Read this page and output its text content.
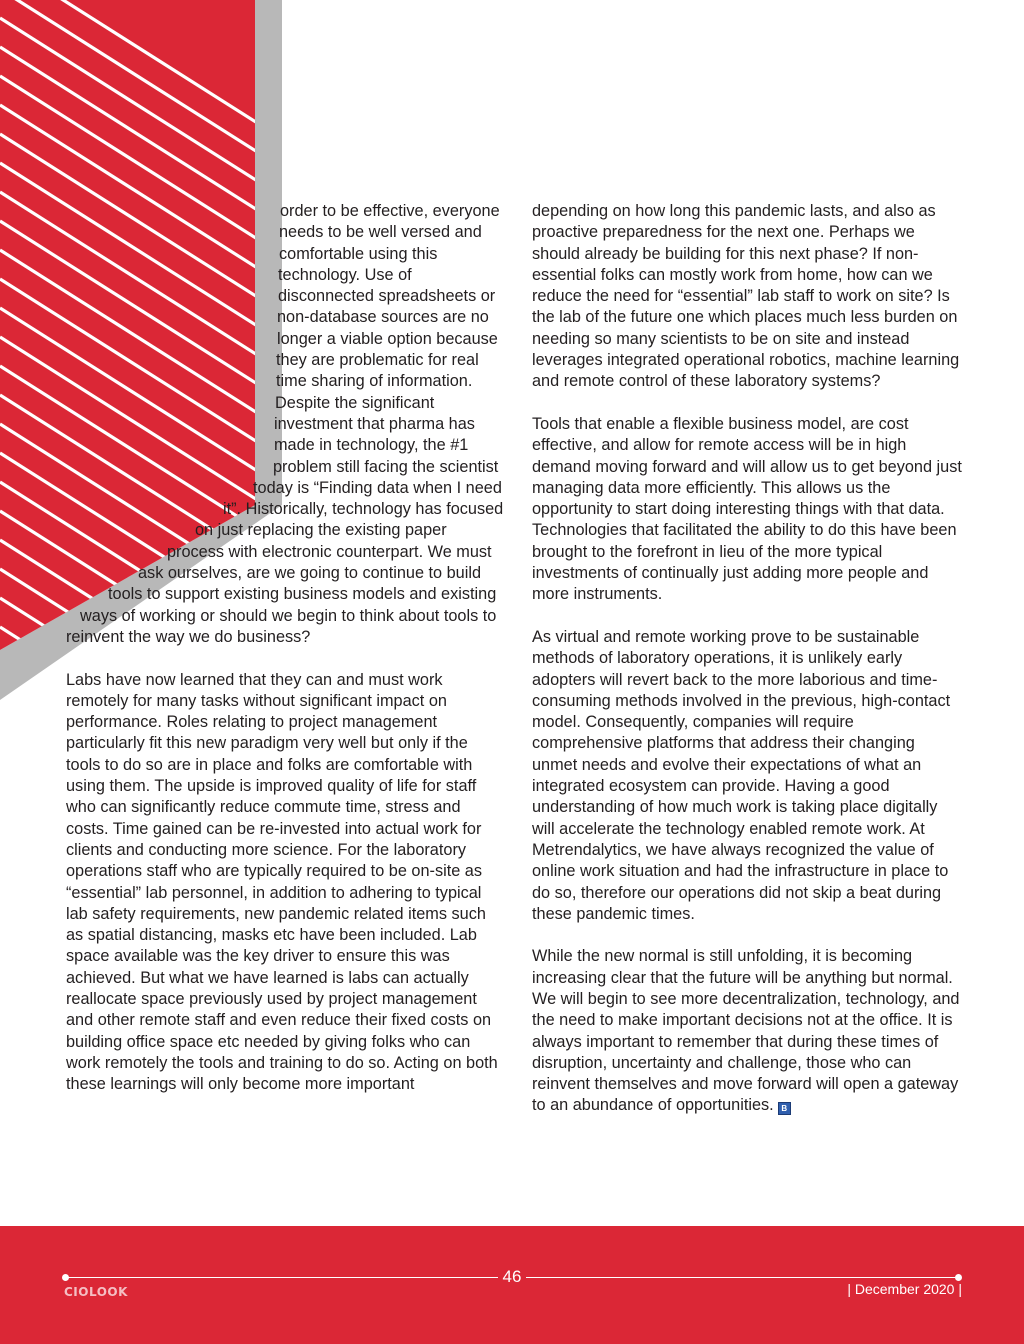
order to be effective, everyone needs to be well versed and comfortable using this technology. Use of disconnected spreadsheets or non-database sources are no longer a viable option because they are problematic for real time sharing of information. Despite the significant investment that pharma has made in technology, the #1 problem still facing the scientist today is “Finding data when I need it”. Historically, technology has focused on just replacing the existing paper process with electronic counterpart. We must ask ourselves, are we going to continue to build tools to support existing business models and existing ways of working or should we begin to think about tools to reinvent the way we do business?

Labs have now learned that they can and must work remotely for many tasks without significant impact on performance. Roles relating to project management particularly fit this new paradigm very well but only if the tools to do so are in place and folks are comfortable with using them. The upside is improved quality of life for staff who can significantly reduce commute time, stress and costs. Time gained can be re-invested into actual work for clients and conducting more science. For the laboratory operations staff who are typically required to be on-site as “essential” lab personnel, in addition to adhering to typical lab safety requirements, new pandemic related items such as spatial distancing, masks etc have been included. Lab space available was the key driver to ensure this was achieved. But what we have learned is labs can actually reallocate space previously used by project management and other remote staff and even reduce their fixed costs on building office space etc needed by giving folks who can work remotely the tools and training to do so. Acting on both these learnings will only become more important

depending on how long this pandemic lasts, and also as proactive preparedness for the next one. Perhaps we should already be building for this next phase? If non-essential folks can mostly work from home, how can we reduce the need for “essential” lab staff to work on site? Is the lab of the future one which places much less burden on needing so many scientists to be on site and instead leverages integrated operational robotics, machine learning and remote control of these laboratory systems?

Tools that enable a flexible business model, are cost effective, and allow for remote access will be in high demand moving forward and will allow us to get beyond just managing data more efficiently. This allows us the opportunity to start doing interesting things with that data. Technologies that facilitated the ability to do this have been brought to the forefront in lieu of the more typical investments of continually just adding more people and more instruments.

As virtual and remote working prove to be sustainable methods of laboratory operations, it is unlikely early adopters will revert back to the more laborious and time-consuming methods involved in the previous, high-contact model. Consequently, companies will require comprehensive platforms that address their changing unmet needs and evolve their expectations of what an integrated ecosystem can provide. Having a good understanding of how much work is taking place digitally will accelerate the technology enabled remote work. At Metrendalytics, we have always recognized the value of online work situation and had the infrastructure in place to do so, therefore our operations did not skip a beat during these pandemic times.

While the new normal is still unfolding, it is becoming increasing clear that the future will be anything but normal. We will begin to see more decentralization, technology, and the need to make important decisions not at the office. It is always important to remember that during these times of disruption, uncertainty and challenge, those who can reinvent themselves and move forward will open a gateway to an abundance of opportunities. B

46
CIOLOOK	| December 2020 |
